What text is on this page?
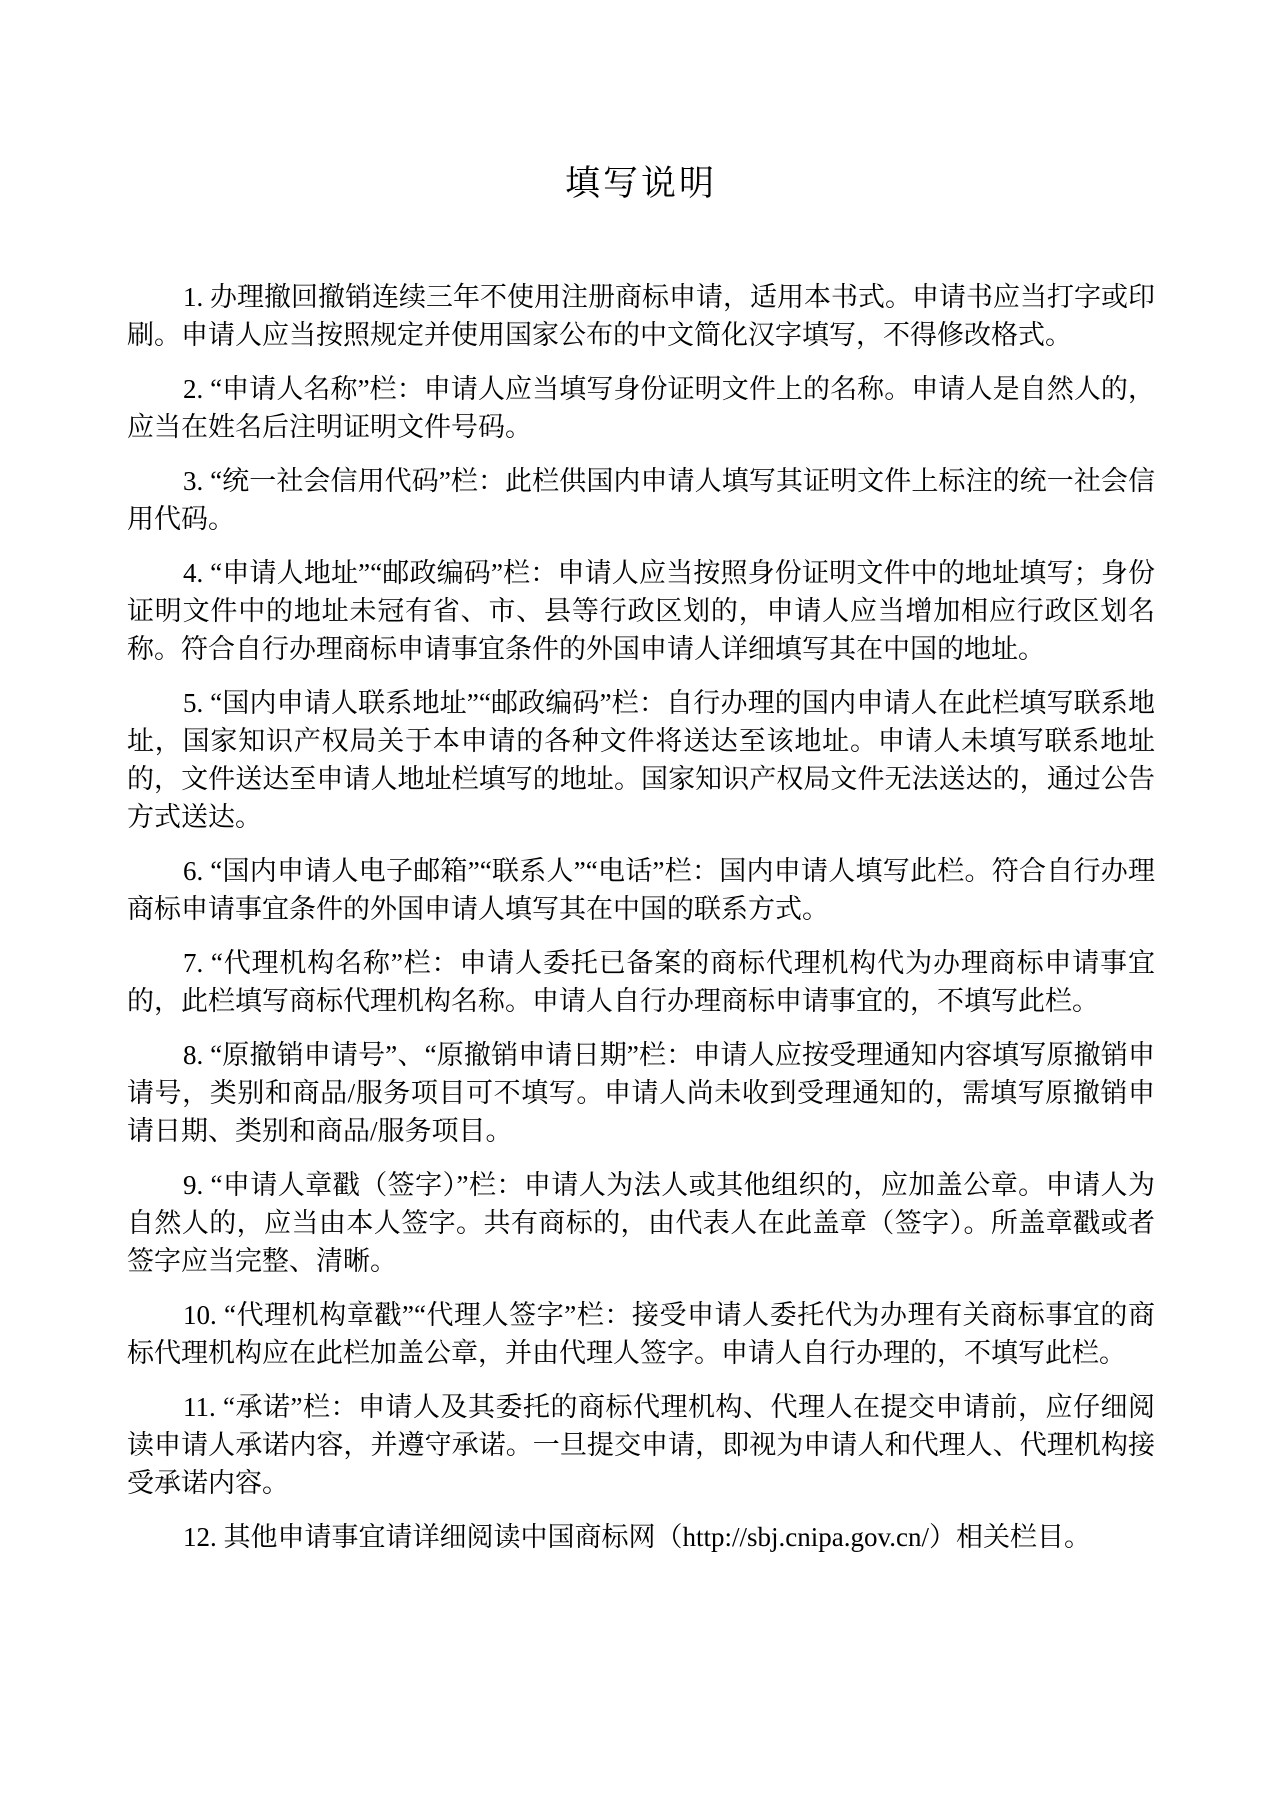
填写说明

1. 办理撤回撤销连续三年不使用注册商标申请，适用本书式。申请书应当打字或印刷。申请人应当按照规定并使用国家公布的中文简化汉字填写，不得修改格式。

2. “申请人名称”栏：申请人应当填写身份证明文件上的名称。申请人是自然人的，应当在姓名后注明证明文件号码。

3. “统一社会信用代码”栏：此栏供国内申请人填写其证明文件上标注的统一社会信用代码。

4. “申请人地址”“邮政编码”栏：申请人应当按照身份证明文件中的地址填写；身份证明文件中的地址未冠有省、市、县等行政区划的，申请人应当增加相应行政区划名称。符合自行办理商标申请事宜条件的外国申请人详细填写其在中国的地址。

5. “国内申请人联系地址”“邮政编码”栏：自行办理的国内申请人在此栏填写联系地址，国家知识产权局关于本申请的各种文件将送达至该地址。申请人未填写联系地址的，文件送达至申请人地址栏填写的地址。国家知识产权局文件无法送达的，通过公告方式送达。

6. “国内申请人电子邮箱”“联系人”“电话”栏：国内申请人填写此栏。符合自行办理商标申请事宜条件的外国申请人填写其在中国的联系方式。

7. “代理机构名称”栏：申请人委托已备案的商标代理机构代为办理商标申请事宜的，此栏填写商标代理机构名称。申请人自行办理商标申请事宜的，不填写此栏。

8. “原撤销申请号”、“原撤销申请日期”栏：申请人应按受理通知内容填写原撤销申请号，类别和商品/服务项目可不填写。申请人尚未收到受理通知的，需填写原撤销申请日期、类别和商品/服务项目。

9. “申请人章戳（签字）”栏：申请人为法人或其他组织的，应加盖公章。申请人为自然人的，应当由本人签字。共有商标的，由代表人在此盖章（签字）。所盖章戳或者签字应当完整、清晰。

10. “代理机构章戳”“代理人签字”栏：接受申请人委托代为办理有关商标事宜的商标代理机构应在此栏加盖公章，并由代理人签字。申请人自行办理的，不填写此栏。

11. “承诺”栏：申请人及其委托的商标代理机构、代理人在提交申请前，应仔细阅读申请人承诺内容，并遵守承诺。一旦提交申请，即视为申请人和代理人、代理机构接受承诺内容。

12. 其他申请事宜请详细阅读中国商标网（http://sbj.cnipa.gov.cn/）相关栏目。
